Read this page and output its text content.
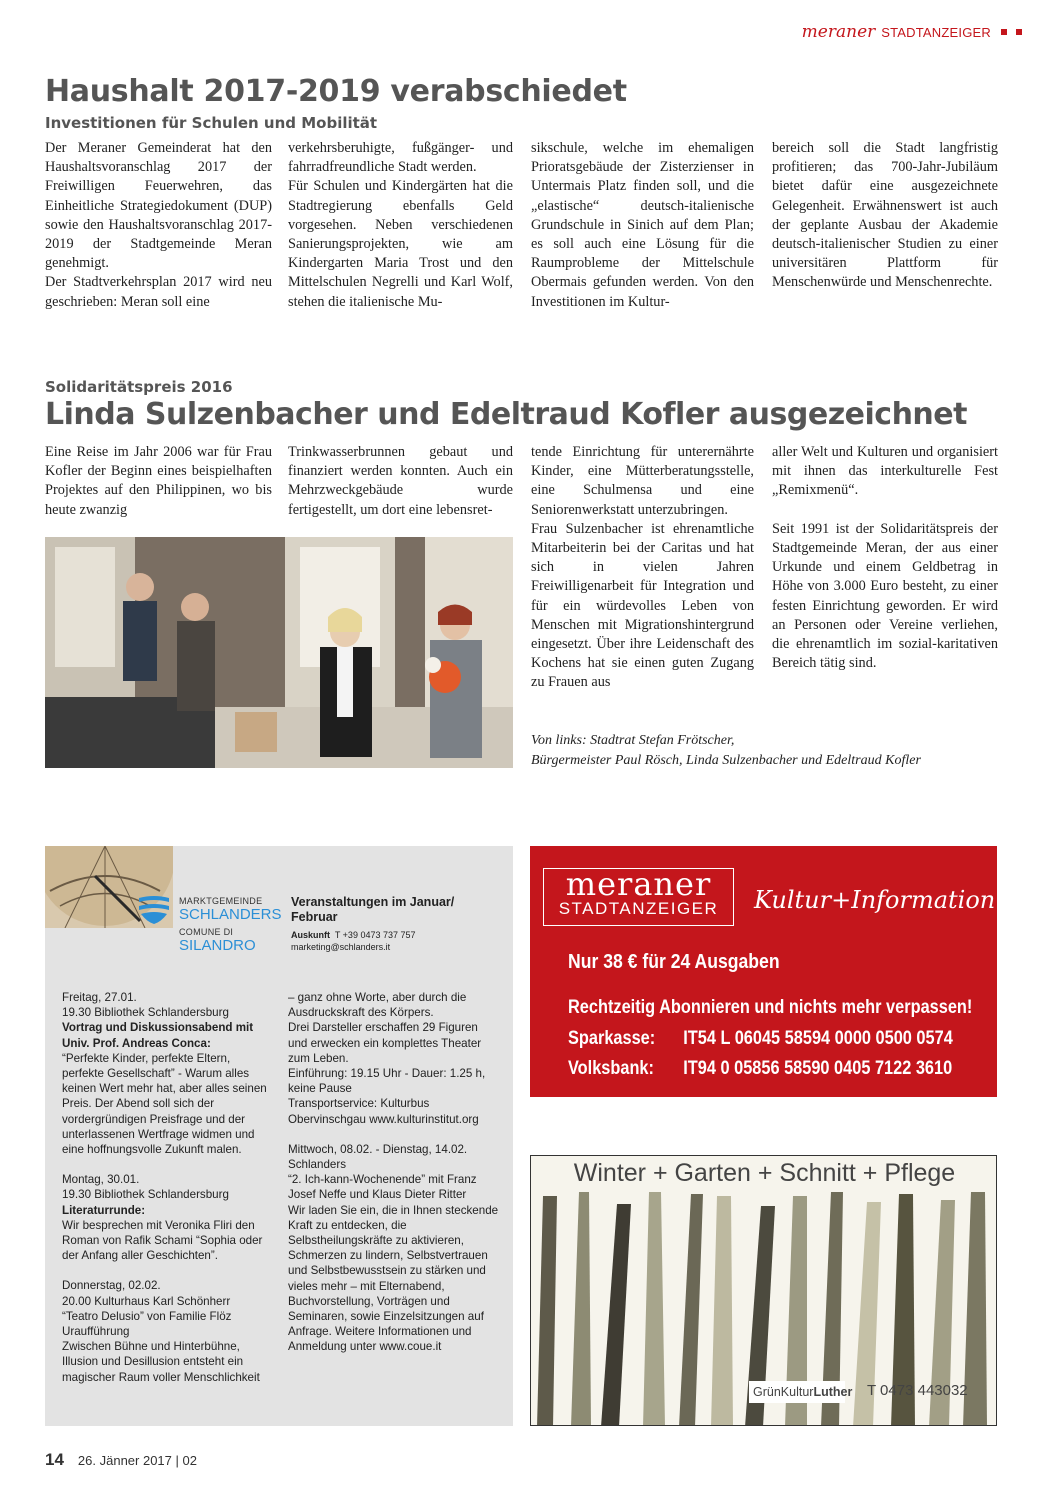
meraner STADTANZEIGER
Haushalt 2017-2019 verabschiedet
Investitionen für Schulen und Mobilität
Der Meraner Gemeinderat hat den Haushaltsvoranschlag 2017 der Freiwilligen Feuerwehren, das Einheitliche Strategiedokument (DUP) sowie den Haushaltsvoranschlag 2017-2019 der Stadtgemeinde Meran genehmigt.
Der Stadtverkehrsplan 2017 wird neu geschrieben: Meran soll eine
verkehrsberuhigte, fußgänger- und fahrradfreundliche Stadt werden.
Für Schulen und Kindergärten hat die Stadtregierung ebenfalls Geld vorgesehen. Neben verschiedenen Sanierungsprojekten, wie am Kindergarten Maria Trost und den Mittelschulen Negrelli und Karl Wolf, stehen die italienische Mu-
sikschule, welche im ehemaligen Prioratsgebäude der Zisterzienser in Untermais Platz finden soll, und die „elastische“ deutsch-italienische Grundschule in Sinich auf dem Plan; es soll auch eine Lösung für die Raumprobleme der Mittelschule Obermais gefunden werden. Von den Investitionen im Kultur-
bereich soll die Stadt langfristig profitieren; das 700-Jahr-Jubiläum bietet dafür eine ausgezeichnete Gelegenheit. Erwähnenswert ist auch der geplante Ausbau der Akademie deutsch-italienischer Studien zu einer universitären Plattform für Menschenwürde und Menschenrechte.
Solidaritätspreis 2016
Linda Sulzenbacher und Edeltraud Kofler ausgezeichnet
Eine Reise im Jahr 2006 war für Frau Kofler der Beginn eines beispielhaften Projektes auf den Philippinen, wo bis heute zwanzig
Trinkwasserbrunnen gebaut und finanziert werden konnten. Auch ein Mehrzweckgebäude wurde fertigestellt, um dort eine lebensret-
tende Einrichtung für unterernährte Kinder, eine Mütterberatungsstelle, eine Schulmensa und eine Seniorenwerkstatt unterzubringen.
Frau Sulzenbacher ist ehrenamtliche Mitarbeiterin bei der Caritas und hat sich in vielen Jahren Freiwilligenarbeit für Integration und für ein würdevolles Leben von Menschen mit Migrationshintergrund eingesetzt. Über ihre Leidenschaft des Kochens hat sie einen guten Zugang zu Frauen aus
aller Welt und Kulturen und organisiert mit ihnen das interkulturelle Fest „Remixmenü“.

Seit 1991 ist der Solidaritätspreis der Stadtgemeinde Meran, der aus einer Urkunde und einem Geldbetrag in Höhe von 3.000 Euro besteht, zu einer festen Einrichtung geworden. Er wird an Personen oder Vereine verliehen, die ehrenamtlich im sozial-karitativen Bereich tätig sind.
Von links: Stadtrat Stefan Frötscher,
Bürgermeister Paul Rösch, Linda Sulzenbacher und Edeltraud Kofler
MARKTGEMEINDE
SCHLANDERS
COMUNE DI
SILANDRO
Veranstaltungen im Januar/
Februar
Auskunft T +39 0473 737 757
marketing@schlanders.it
Freitag, 27.01.
19.30 Bibliothek Schlandersburg
Vortrag und Diskussionsabend mit Univ. Prof. Andreas Conca:
“Perfekte Kinder, perfekte Eltern, perfekte Gesellschaft” - Warum alles keinen Wert mehr hat, aber alles seinen Preis. Der Abend soll sich der vordergründigen Preisfrage und der unterlassenen Wertfrage widmen und eine hoffnungsvolle Zukunft malen.
Montag, 30.01.
19.30 Bibliothek Schlandersburg
Literaturrunde:
Wir besprechen mit Veronika Fliri den Roman von Rafik Schami “Sophia oder der Anfang aller Geschichten”.
Donnerstag, 02.02.
20.00 Kulturhaus Karl Schönherr
“Teatro Delusio” von Familie Flöz Uraufführung
Zwischen Bühne und Hinterbühne, Illusion und Desillusion entsteht ein magischer Raum voller Menschlichkeit
– ganz ohne Worte, aber durch die Ausdruckskraft des Körpers.
Drei Darsteller erschaffen 29 Figuren und erwecken ein komplettes Theater zum Leben.
Einführung: 19.15 Uhr - Dauer: 1.25 h, keine Pause
Transportservice: Kulturbus Obervinschgau www.kulturinstitut.org
Mittwoch, 08.02. - Dienstag, 14.02.
Schlanders
“2. Ich-kann-Wochenende” mit Franz Josef Neffe und Klaus Dieter Ritter
Wir laden Sie ein, die in Ihnen steckende Kraft zu entdecken, die Selbstheilungskräfte zu aktivieren, Schmerzen zu lindern, Selbstvertrauen und Selbstbewusstsein zu stärken und vieles mehr – mit Elternabend, Buchvorstellung, Vorträgen und Seminaren, sowie Einzelsitzungen auf Anfrage. Weitere Informationen und Anmeldung unter www.coue.it
meraner
STADTANZEIGER	Kultur+Information
Nur 38 € für 24 Ausgaben
Rechtzeitig Abonnieren und nichts mehr verpassen!
Sparkasse: IT54 L 06045 58594 0000 0500 0574
Volksbank: IT94 0 05856 58590 0405 7122 3610
Winter + Garten + Schnitt + Pflege
GrünKulturLuther T 0473 443032
14 26. Jänner 2017 | 02
